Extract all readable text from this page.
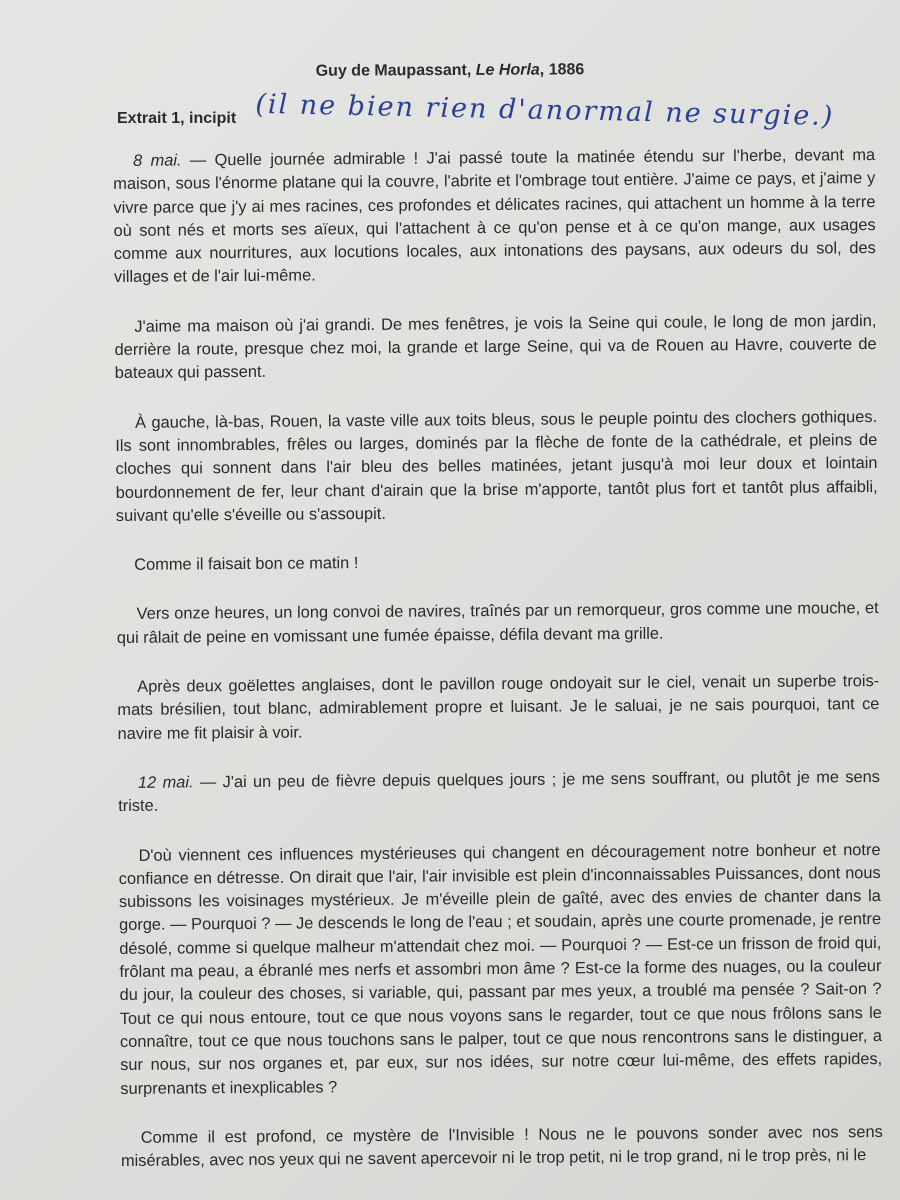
Guy de Maupassant, Le Horla, 1886
Extrait 1, incipit (il ne bien rien d'anormal ne surgie.)

8 mai. — Quelle journée admirable ! J'ai passé toute la matinée étendu sur l'herbe, devant ma maison, sous l'énorme platane qui la couvre, l'abrite et l'ombrage tout entière. J'aime ce pays, et j'aime y vivre parce que j'y ai mes racines, ces profondes et délicates racines, qui attachent un homme à la terre où sont nés et morts ses aïeux, qui l'attachent à ce qu'on pense et à ce qu'on mange, aux usages comme aux nourritures, aux locutions locales, aux intonations des paysans, aux odeurs du sol, des villages et de l'air lui-même.

J'aime ma maison où j'ai grandi. De mes fenêtres, je vois la Seine qui coule, le long de mon jardin, derrière la route, presque chez moi, la grande et large Seine, qui va de Rouen au Havre, couverte de bateaux qui passent.

À gauche, là-bas, Rouen, la vaste ville aux toits bleus, sous le peuple pointu des clochers gothiques. Ils sont innombrables, frêles ou larges, dominés par la flèche de fonte de la cathédrale, et pleins de cloches qui sonnent dans l'air bleu des belles matinées, jetant jusqu'à moi leur doux et lointain bourdonnement de fer, leur chant d'airain que la brise m'apporte, tantôt plus fort et tantôt plus affaibli, suivant qu'elle s'éveille ou s'assoupit.

Comme il faisait bon ce matin !

Vers onze heures, un long convoi de navires, traînés par un remorqueur, gros comme une mouche, et qui râlait de peine en vomissant une fumée épaisse, défila devant ma grille.

Après deux goëlettes anglaises, dont le pavillon rouge ondoyait sur le ciel, venait un superbe trois-mats brésilien, tout blanc, admirablement propre et luisant. Je le saluai, je ne sais pourquoi, tant ce navire me fit plaisir à voir.

12 mai. — J'ai un peu de fièvre depuis quelques jours ; je me sens souffrant, ou plutôt je me sens triste.

D'où viennent ces influences mystérieuses qui changent en découragement notre bonheur et notre confiance en détresse. On dirait que l'air, l'air invisible est plein d'inconnaissables Puissances, dont nous subissons les voisinages mystérieux. Je m'éveille plein de gaîté, avec des envies de chanter dans la gorge. — Pourquoi ? — Je descends le long de l'eau ; et soudain, après une courte promenade, je rentre désolé, comme si quelque malheur m'attendait chez moi. — Pourquoi ? — Est-ce un frisson de froid qui, frôlant ma peau, a ébranlé mes nerfs et assombri mon âme ? Est-ce la forme des nuages, ou la couleur du jour, la couleur des choses, si variable, qui, passant par mes yeux, a troublé ma pensée ? Sait-on ? Tout ce qui nous entoure, tout ce que nous voyons sans le regarder, tout ce que nous frôlons sans le connaître, tout ce que nous touchons sans le palper, tout ce que nous rencontrons sans le distinguer, a sur nous, sur nos organes et, par eux, sur nos idées, sur notre cœur lui-même, des effets rapides, surprenants et inexplicables ?

Comme il est profond, ce mystère de l'Invisible ! Nous ne le pouvons sonder avec nos sens misérables, avec nos yeux qui ne savent apercevoir ni le trop petit, ni le trop grand, ni le trop près, ni le
